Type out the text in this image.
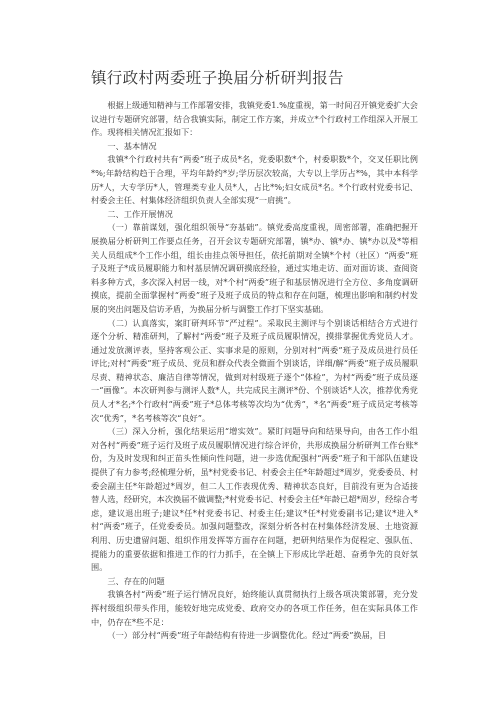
镇行政村两委班子换届分析研判报告

根据上级通知精神与工作部署安排，我镇党委1.%度重视，第一时间召开镇党委扩大会议进行专题研究部署，结合我镇实际，制定工作方案，并成立*个行政村工作组深入开展工作。现将相关情况汇报如下：

一、基本情况

我镇*个行政村共有“两委”班子成员*名，党委职数*个，村委职数*个，交叉任职比例*%;年龄结构趋于合理，平均年龄约*岁;学历层次较高，大专以上学历占*%，其中本科学历*人，大专学历*人，管理类专业人员*人，占比*%;妇女成员*名。*个行政村党委书记、村委会主任、村集体经济组织负责人全部实现“一肩挑”。

二、工作开展情况

（一）靠前谋划，强化组织领导“夯基础”。镇党委高度重视，周密部署，准确把握开展换届分析研判工作要点任务，召开会议专题研究部署，镇*办、镇*办、镇*办以及*等相关人员组成*个工作小组，组长由挂点领导担任，依托前期对全镇*个村（社区）“两委”班子及班子*成员履职能力和村基层情况调研摸底经验，通过实地走访、面对面访谈、查阅资料多种方式，多次深入村居一线，对*个村“两委”班子和基层情况进行全方位、多角度调研摸底，提前全面掌握村“两委”班子及班子成员的特点和存在问题，梳理出影响和制约村发展的突出问题及信访矛盾，为换届分析与调整工作打下坚实基础。

（二）认真落实，案盯研判环节“严过程”。采取民主测评与个别谈话相结合方式进行逐个分析、精准研判，了解村“两委”班子及班子成员履职情况，摸排掌握优秀党员人才。通过发放测评表，坚持客观公正、实事求是的原则，分别对村“两委”班子及成员进行员任评比;对村“两委”班子成员、党员和群众代表全微面个别谈话，详细/解“两委”班子成员履职尽责、精神状态、廉洁自律等情况，做到对村级班子逐个“体检”，为村“两委”班子成员逐一“画像”。本次研判参与测评人数*人，共完成民主测评*份、个别谈话*人次，推荐优秀党员人才*名;*个行政村“两委”班子*总体考核等次均为“优秀”，*名“两委”班子成员定考核等次“优秀”，*名考核等次“良好”。

（三）深入分析，强化结果运用“增实效”。紧盯问题导向和结果导向，由各工作小组对各村“两委”班子运行及班子成员履职情况进行综合评价，共形成换届分析研判工作台账*份，为及时发现和纠正苗头性倾向性问题，进一步选优配强村“两委”班子和干部队伍建设提供了有力参考;经梳理分析，虽*村党委书记、村委会主任*年龄超过*周岁，党委委员、村委会副主任*年龄超过*周岁，但二人工作表现优秀、精神状态良好，目前没有更为合适接替人选，经研究，本次换届不做调整;*村党委书记、村委会主任*年龄已超*周岁，经综合考虑，建议退出班子;建议*任*村党委书记、村委主任;建议*任*村党委副书记;建议*进入*村“两委”班子，任党委委员。加强问题整改，深刻分析各村在村集体经济发展、土地资源利用、历史遗留问题、组织作用发挥等方面存在问题，把研判结果作为促程定、强队伍、提能力的重要依据和推进工作的行力抓手，在全镇上下形成比学赶超、奋勇争先的良好氛围。

三、存在的问题

我镇各村“两委”班子运行情况良好，始终能认真贯彻执行上级各项决策部署，充分发挥村级组织带头作用，能较好地完成党委、政府交办的各项工作任务，但在实际具体工作中，仍存在*些不足：

（一）部分村“两委”班子年龄结构有待进一步调整优化。经过“两委”换届，目
